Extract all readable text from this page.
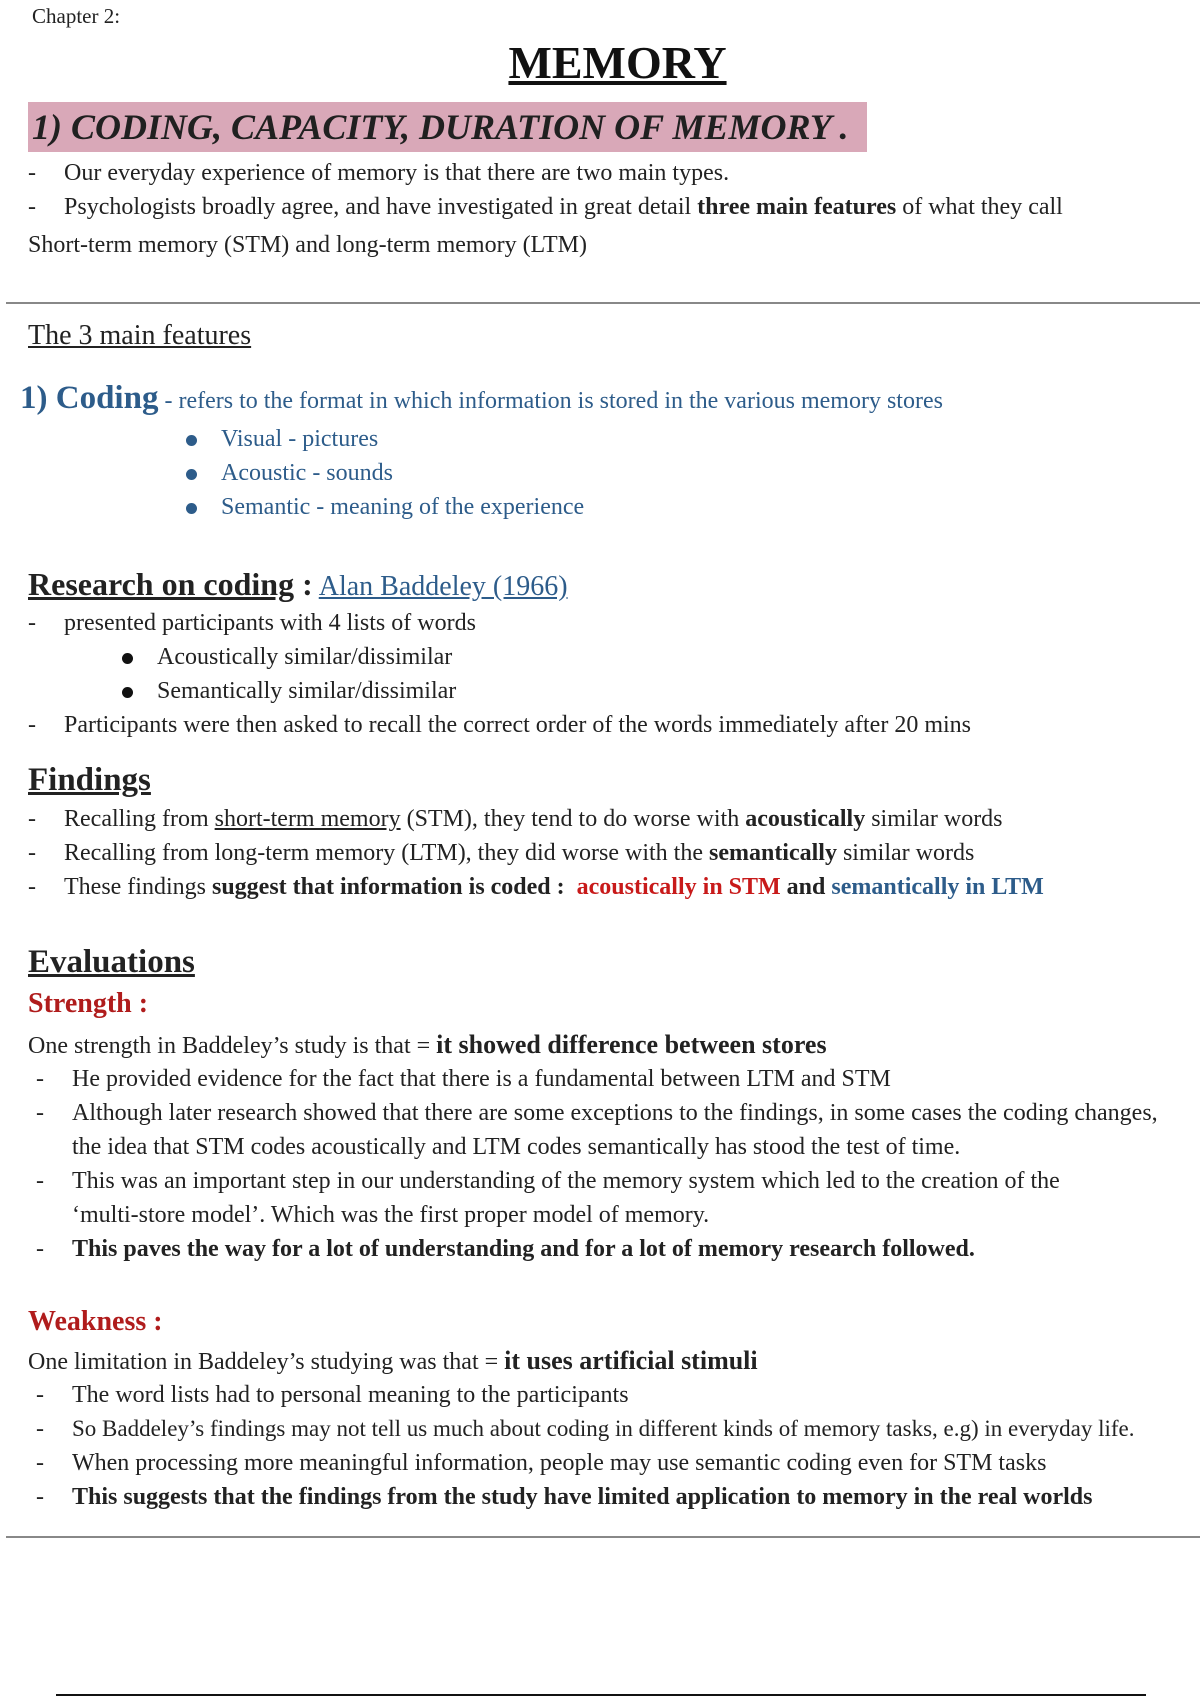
Chapter 2:
MEMORY
1) CODING, CAPACITY, DURATION OF MEMORY .
- Our everyday experience of memory is that there are two main types.
- Psychologists broadly agree, and have investigated in great detail three main features of what they call
Short-term memory (STM) and long-term memory (LTM)
The 3 main features
1) Coding - refers to the format in which information is stored in the various memory stores
Visual - pictures
Acoustic - sounds
Semantic - meaning of the experience
Research on coding : Alan Baddeley (1966)
- presented participants with 4 lists of words
Acoustically similar/dissimilar
Semantically similar/dissimilar
- Participants were then asked to recall the correct order of the words immediately after 20 mins
Findings
- Recalling from short-term memory (STM), they tend to do worse with acoustically similar words
- Recalling from long-term memory (LTM), they did worse with the semantically similar words
- These findings suggest that information is coded : acoustically in STM and semantically in LTM
Evaluations
Strength :
One strength in Baddeley’s study is that = it showed difference between stores
- He provided evidence for the fact that there is a fundamental between LTM and STM
- Although later research showed that there are some exceptions to the findings, in some cases the coding changes,
the idea that STM codes acoustically and LTM codes semantically has stood the test of time.
- This was an important step in our understanding of the memory system which led to the creation of the
‘multi-store model’. Which was the first proper model of memory.
- This paves the way for a lot of understanding and for a lot of memory research followed.
Weakness :
One limitation in Baddeley’s studying was that = it uses artificial stimuli
- The word lists had to personal meaning to the participants
- So Baddeley’s findings may not tell us much about coding in different kinds of memory tasks, e.g) in everyday life.
- When processing more meaningful information, people may use semantic coding even for STM tasks
- This suggests that the findings from the study have limited application to memory in the real worlds
